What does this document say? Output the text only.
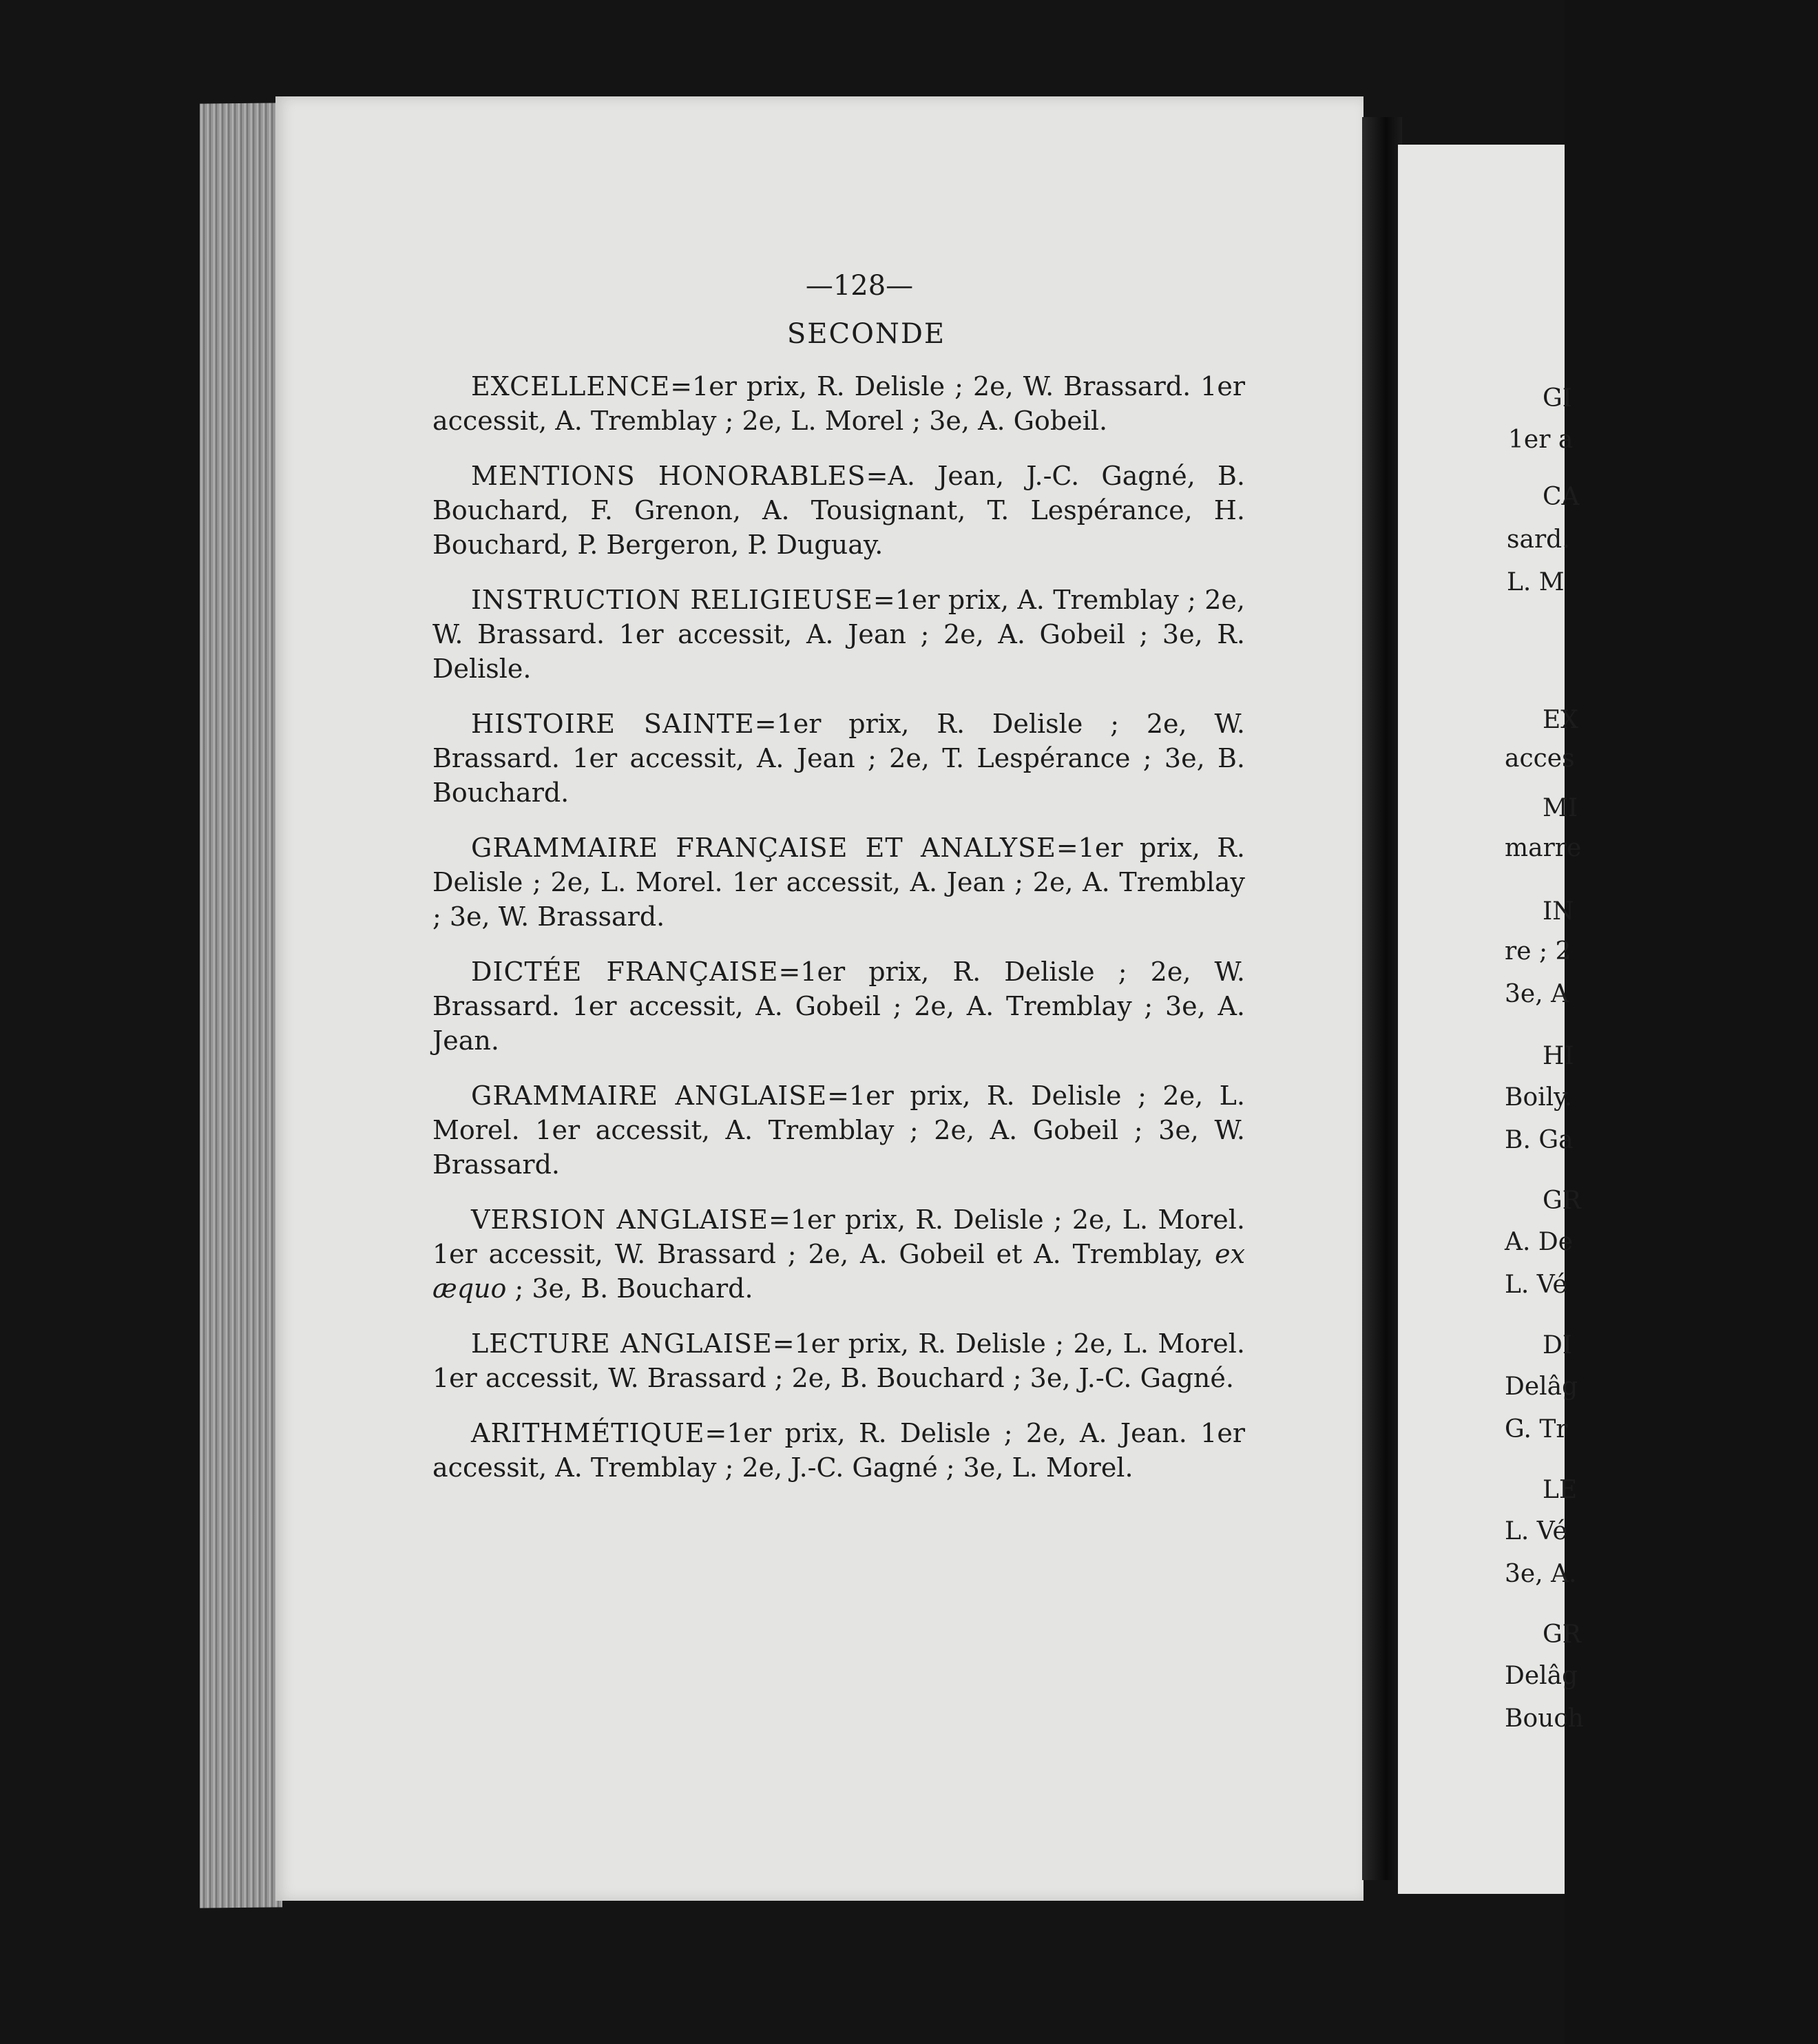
GI
1er a
CA
sard.
L. M
EX
acces
MI
marre
IN
re ; 2
3e, A
HI
Boily.
B. Ga
GR
A. De
L. Vé
DI
Delâg
G. Tr
LE
L. Vé
3e, A.
GR
Delâg
Bouch
—128—
SECONDE

EXCELLENCE=1er prix, R. Delisle ; 2e, W. Brassard. 1er accessit, A. Tremblay ; 2e, L. Morel ; 3e, A. Gobeil.

MENTIONS HONORABLES=A. Jean, J.-C. Gagné, B. Bouchard, F. Grenon, A. Tousignant, T. Lespérance, H. Bouchard, P. Bergeron, P. Duguay.

INSTRUCTION RELIGIEUSE=1er prix, A. Tremblay ; 2e, W. Brassard. 1er accessit, A. Jean ; 2e, A. Gobeil ; 3e, R. Delisle.

HISTOIRE SAINTE=1er prix, R. Delisle ; 2e, W. Brassard. 1er accessit, A. Jean ; 2e, T. Lespérance ; 3e, B. Bouchard.

GRAMMAIRE FRANÇAISE ET ANALYSE=1er prix, R. Delisle ; 2e, L. Morel. 1er accessit, A. Jean ; 2e, A. Tremblay ; 3e, W. Brassard.

DICTÉE FRANÇAISE=1er prix, R. Delisle ; 2e, W. Brassard. 1er accessit, A. Gobeil ; 2e, A. Tremblay ; 3e, A. Jean.

GRAMMAIRE ANGLAISE=1er prix, R. Delisle ; 2e, L. Morel. 1er accessit, A. Tremblay ; 2e, A. Gobeil ; 3e, W. Brassard.

VERSION ANGLAISE=1er prix, R. Delisle ; 2e, L. Morel. 1er accessit, W. Brassard ; 2e, A. Gobeil et A. Tremblay, ex æquo ; 3e, B. Bouchard.

LECTURE ANGLAISE=1er prix, R. Delisle ; 2e, L. Morel. 1er accessit, W. Brassard ; 2e, B. Bouchard ; 3e, J.-C. Gagné.

ARITHMÉTIQUE=1er prix, R. Delisle ; 2e, A. Jean. 1er accessit, A. Tremblay ; 2e, J.-C. Gagné ; 3e, L. Morel.
